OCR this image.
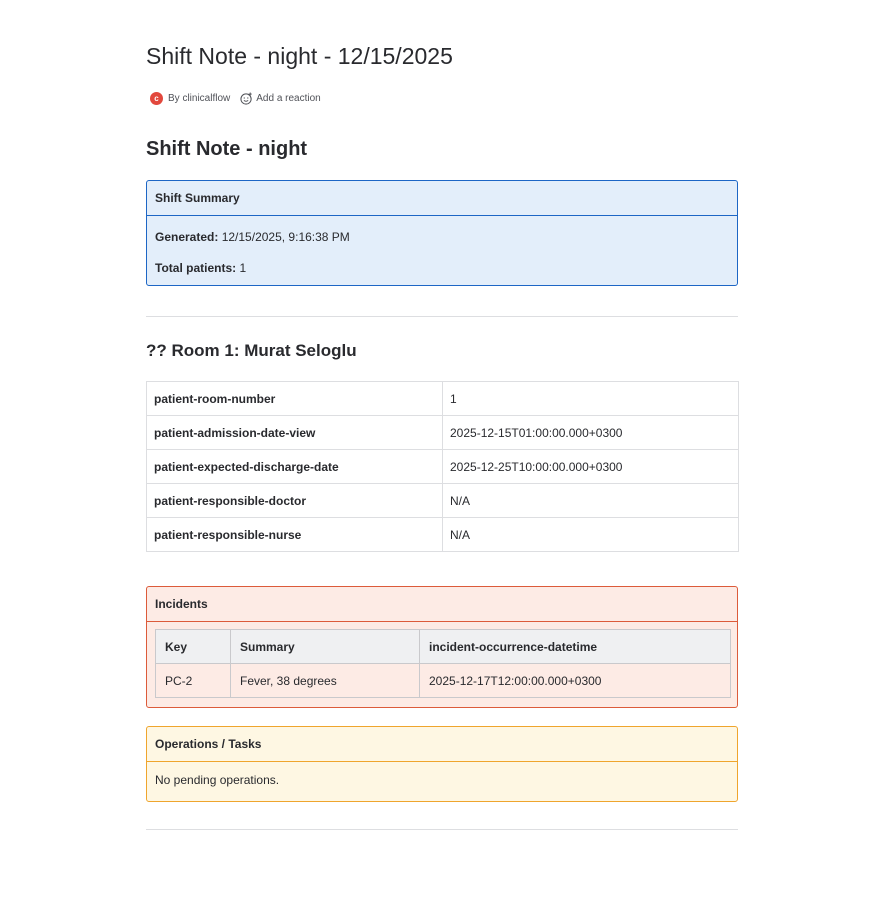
Shift Note - night - 12/15/2025
c By clinicalflow	Add a reaction
Shift Note - night
Shift Summary
Generated: 12/15/2025, 9:16:38 PM
Total patients: 1
?? Room 1: Murat Seloglu
patient-room-number	1
patient-admission-date-view	2025-12-15T01:00:00.000+0300
patient-expected-discharge-date	2025-12-25T10:00:00.000+0300
patient-responsible-doctor	N/A
patient-responsible-nurse	N/A
Incidents
Key	Summary	incident-occurrence-datetime
PC-2	Fever, 38 degrees	2025-12-17T12:00:00.000+0300
Operations / Tasks
No pending operations.
